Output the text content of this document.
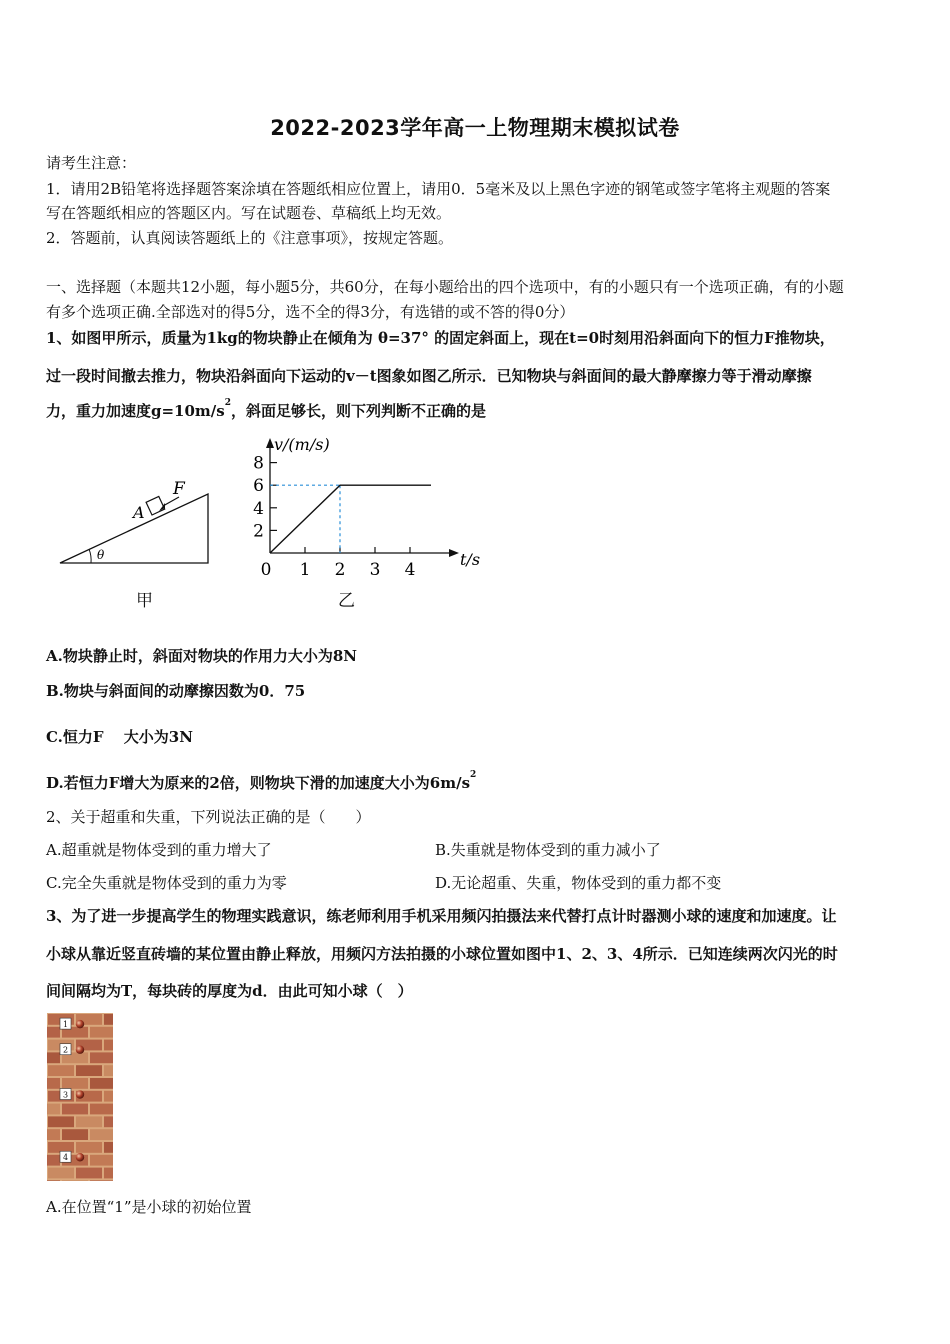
2022-2023学年高一上物理期末模拟试卷
请考生注意：
1．请用2B铅笔将选择题答案涂填在答题纸相应位置上，请用0．5毫米及以上黑色字迹的钢笔或签字笔将主观题的答案
写在答题纸相应的答题区内。写在试题卷、草稿纸上均无效。
2．答题前，认真阅读答题纸上的《注意事项》，按规定答题。
一、选择题（本题共12小题，每小题5分，共60分，在每小题给出的四个选项中，有的小题只有一个选项正确，有的小题
有多个选项正确.全部选对的得5分，选不全的得3分，有选错的或不答的得0分）
1、如图甲所示，质量为1kg的物块静止在倾角为 θ=37° 的固定斜面上，现在t=0时刻用沿斜面向下的恒力F推物块，
过一段时间撤去推力，物块沿斜面向下运动的v－t图象如图乙所示．已知物块与斜面间的最大静摩擦力等于滑动摩擦
力，重力加速度$g=10m/s^2$，斜面足够长，则下列判断不正确的是
F
A
θ
甲
0 1 2 3 4
2
4
6
8
v/(m/s)
t/s
乙
A.物块静止时，斜面对物块的作用力大小为8N
B.物块与斜面间的动摩擦因数为0．75
C.恒力F　 大小为3N
D.若恒力F增大为原来的2倍，则物块下滑的加速度大小为$6m/s^2$
2、关于超重和失重，下列说法正确的是（　　）
A.超重就是物体受到的重力增大了	B.失重就是物体受到的重力减小了
C.完全失重就是物体受到的重力为零	D.无论超重、失重，物体受到的重力都不变
3、为了进一步提高学生的物理实践意识，练老师利用手机采用频闪拍摄法来代替打点计时器测小球的速度和加速度。让
小球从靠近竖直砖墙的某位置由静止释放，用频闪方法拍摄的小球位置如图中1、2、3、4所示．已知连续两次闪光的时
间间隔均为T，每块砖的厚度为d．由此可知小球（　）
1
2
3
4
A.在位置“1”是小球的初始位置
